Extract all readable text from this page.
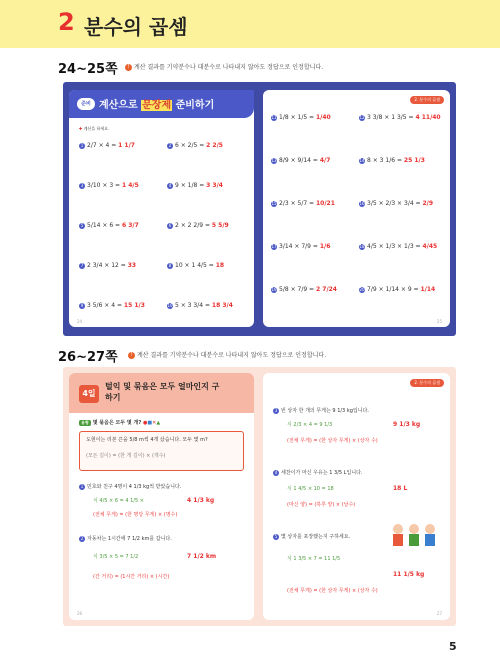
2 분수의 곱셈
24~25쪽	! 계산 결과를 기약분수나 대분수로 나타내지 않아도 정답으로 인정합니다.
준비 계산으로 문장제 준비하기
✚ 계산을 하세요.
1 2/7 × 4 = 1 1/7	2 6 × 2/5 = 2 2/5
3 3/10 × 3 = 1 4/5	4 9 × 1/8 = 3 3/4
5 5/14 × 6 = 6 3/7	6 2 × 2 2/9 = 5 5/9
7 2 3/4 × 12 = 33	8 10 × 1 4/5 = 18
9 3 5/6 × 4 = 15 1/3	10 5 × 3 3/4 = 18 3/4
24
2. 분수의 곱셈
11 1/8 × 1/5 = 1/40	12 3 3/8 × 1 3/5 = 4 11/40
13 8/9 × 9/14 = 4/7	14 8 × 3 1/6 = 25 1/3
15 2/3 × 5/7 = 10/21	16 3/5 × 2/3 × 3/4 = 2/9
17 3/14 × 7/9 = 1/6	18 4/5 × 1/3 × 1/3 = 4/45
19 5/8 × 7/9 = 2 7/24	20 7/9 × 1/14 × 9 = 1/14
25
26~27쪽	! 계산 결과를 기약분수나 대분수로 나타내지 않아도 정답으로 인정합니다.
4일
털익 및 묶음은 모두 얼마인지 구하기
유형 몇 묶음은 모두 몇 개? ●■✕▲
도현이는 리본 끈을 5/8 m씩 4개 샀습니다. 모두 몇 m?
(모든 길이) = (한 개 길이) × (개수)
1 민호와 친구 4명이 4 1/3 kg씩 받았습니다.
식 4/5 × 6 = 4 1/5 ×	4 1/3 kg
(전체 무게) = (한 명당 무게) × (명수)
2 자동차는 1시간에 7 1/2 km를 갑니다.
식 3/5 × 5 = 7 1/2	7 1/2 km
(간 거리) = (1시간 거리) × (시간)
26
2. 분수의 곱셈
3 빈 상자 한 개의 무게는 9 1/3 kg입니다.
식 2/3 × 4 = 9 1/3	9 1/3 kg
(전체 무게) = (한 상자 무게) × (상자 수)
4 세찬이가 마신 우유는 1 3/5 L입니다.
식 1 4/5 × 10 = 18	18 L
(마신 양) = (하루 양) × (날수)
5 몇 상자를 포장했는지 구하세요.
식 1 3/5 × 7 = 11 1/5
11 1/5 kg
(전체 무게) = (한 상자 무게) × (상자 수)
27
5
